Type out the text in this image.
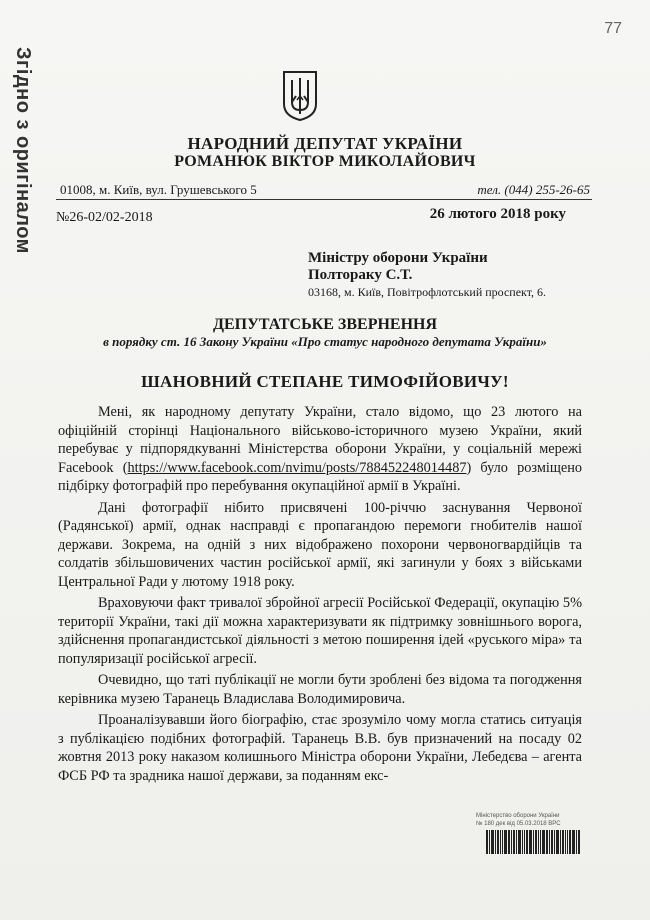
Згідно з оригіналом
77
НАРОДНИЙ ДЕПУТАТ УКРАЇНИ
РОМАНЮК ВІКТОР МИКОЛАЙОВИЧ
01008, м. Київ, вул. Грушевського 5	тел. (044) 255-26-65
№26-02/02-2018	26 лютого 2018 року
Міністру оборони України
Полтораку С.Т.
03168, м. Київ, Повітрофлотський проспект, 6.
ДЕПУТАТСЬКЕ ЗВЕРНЕННЯ
в порядку ст. 16 Закону України «Про статус народного депутата України»
ШАНОВНИЙ СТЕПАНЕ ТИМОФІЙОВИЧУ!

Мені, як народному депутату України, стало відомо, що 23 лютого на офіційній сторінці Національного військово-історичного музею України, який перебуває у підпорядкуванні Міністерства оборони України, у соціальній мережі Facebook (https://www.facebook.com/nvimu/posts/788452248014487) було розміщено підбірку фотографій про перебування окупаційної армії в Україні.

Дані фотографії нібито присвячені 100-річчю заснування Червоної (Радянської) армії, однак насправді є пропагандою перемоги гнобителів нашої держави. Зокрема, на одній з них відображено похорони червоногвардійців та солдатів збільшовичених частин російської армії, які загинули у боях з військами Центральної Ради у лютому 1918 року.

Враховуючи факт тривалої збройної агресії Російської Федерації, окупацію 5% території України, такі дії можна характеризувати як підтримку зовнішнього ворога, здійснення пропагандистської діяльності з метою поширення ідей «руського міра» та популяризації російської агресії.

Очевидно, що таті публікації не могли бути зроблені без відома та погодження керівника музею Таранець Владислава Володимировича.

Проаналізувавши його біографію, стає зрозуміло чому могла статись ситуація з публікацією подібних фотографій. Таранець В.В. був призначений на посаду 02 жовтня 2013 року наказом колишнього Міністра оборони України, Лебедєва – агента ФСБ РФ та зрадника нашої держави, за поданням екс-

Міністерство оборони України
№ 180 дек від 05.03.2018 ВРС
